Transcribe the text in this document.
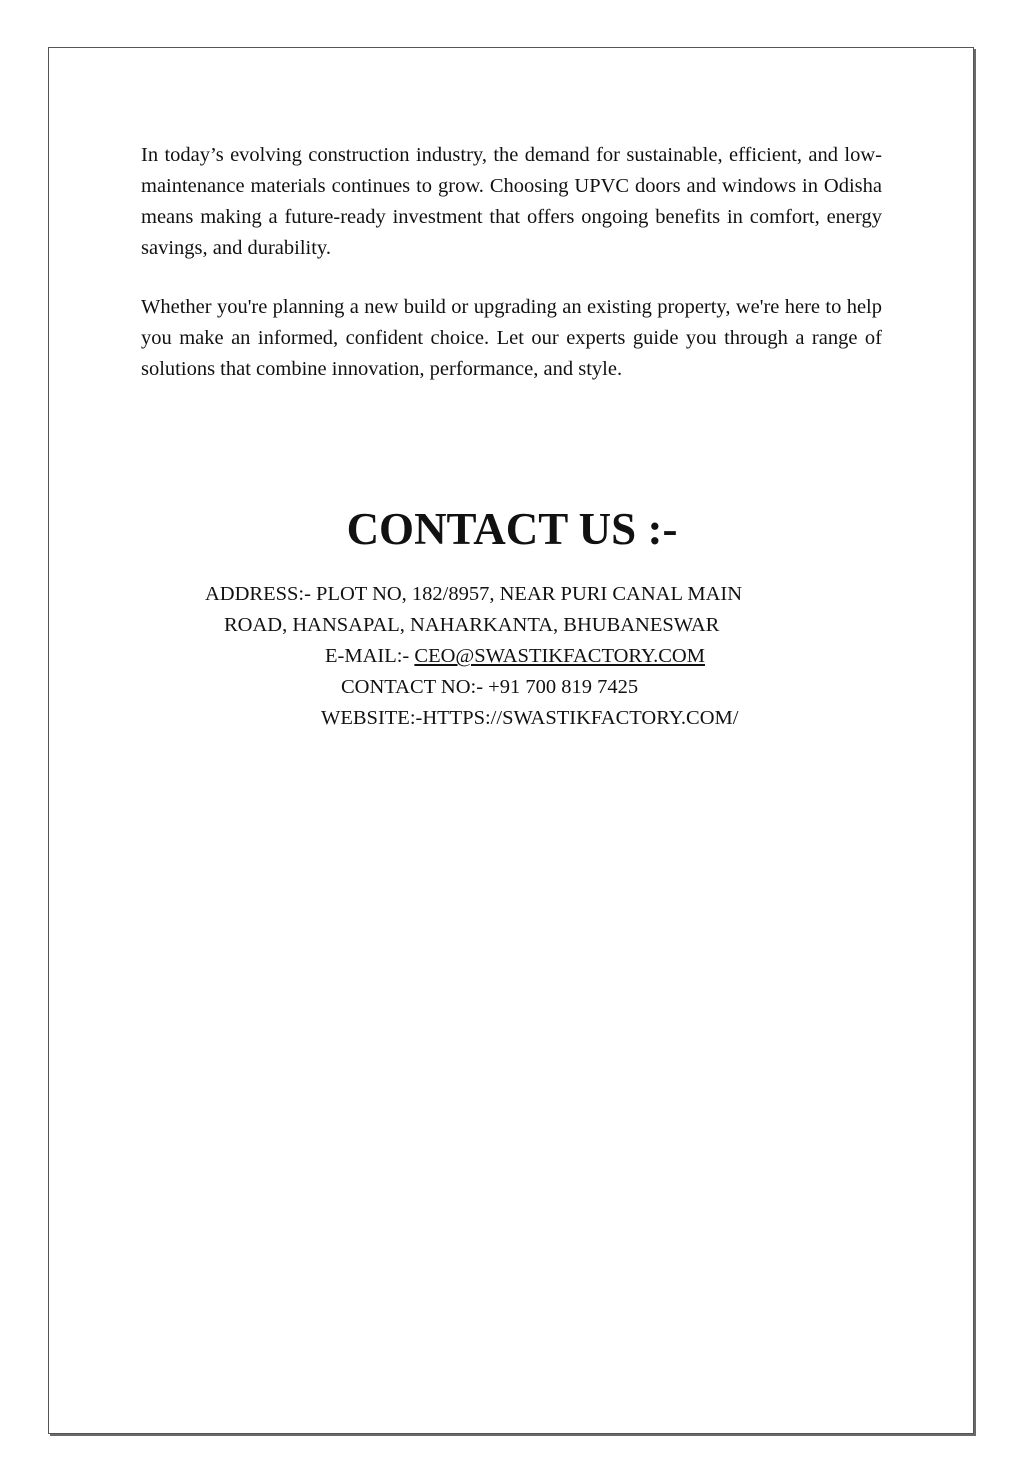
In today’s evolving construction industry, the demand for sustainable, efficient, and low-maintenance materials continues to grow. Choosing UPVC doors and windows in Odisha means making a future-ready investment that offers ongoing benefits in comfort, energy savings, and durability.

Whether you're planning a new build or upgrading an existing property, we're here to help you make an informed, confident choice. Let our experts guide you through a range of solutions that combine innovation, performance, and style.

CONTACT US :-

ADDRESS:- PLOT NO, 182/8957, NEAR PURI CANAL MAIN

ROAD, HANSAPAL, NAHARKANTA, BHUBANESWAR

E-MAIL:- CEO@SWASTIKFACTORY.COM

CONTACT NO:- +91 700 819 7425

WEBSITE:-HTTPS://SWASTIKFACTORY.COM/
